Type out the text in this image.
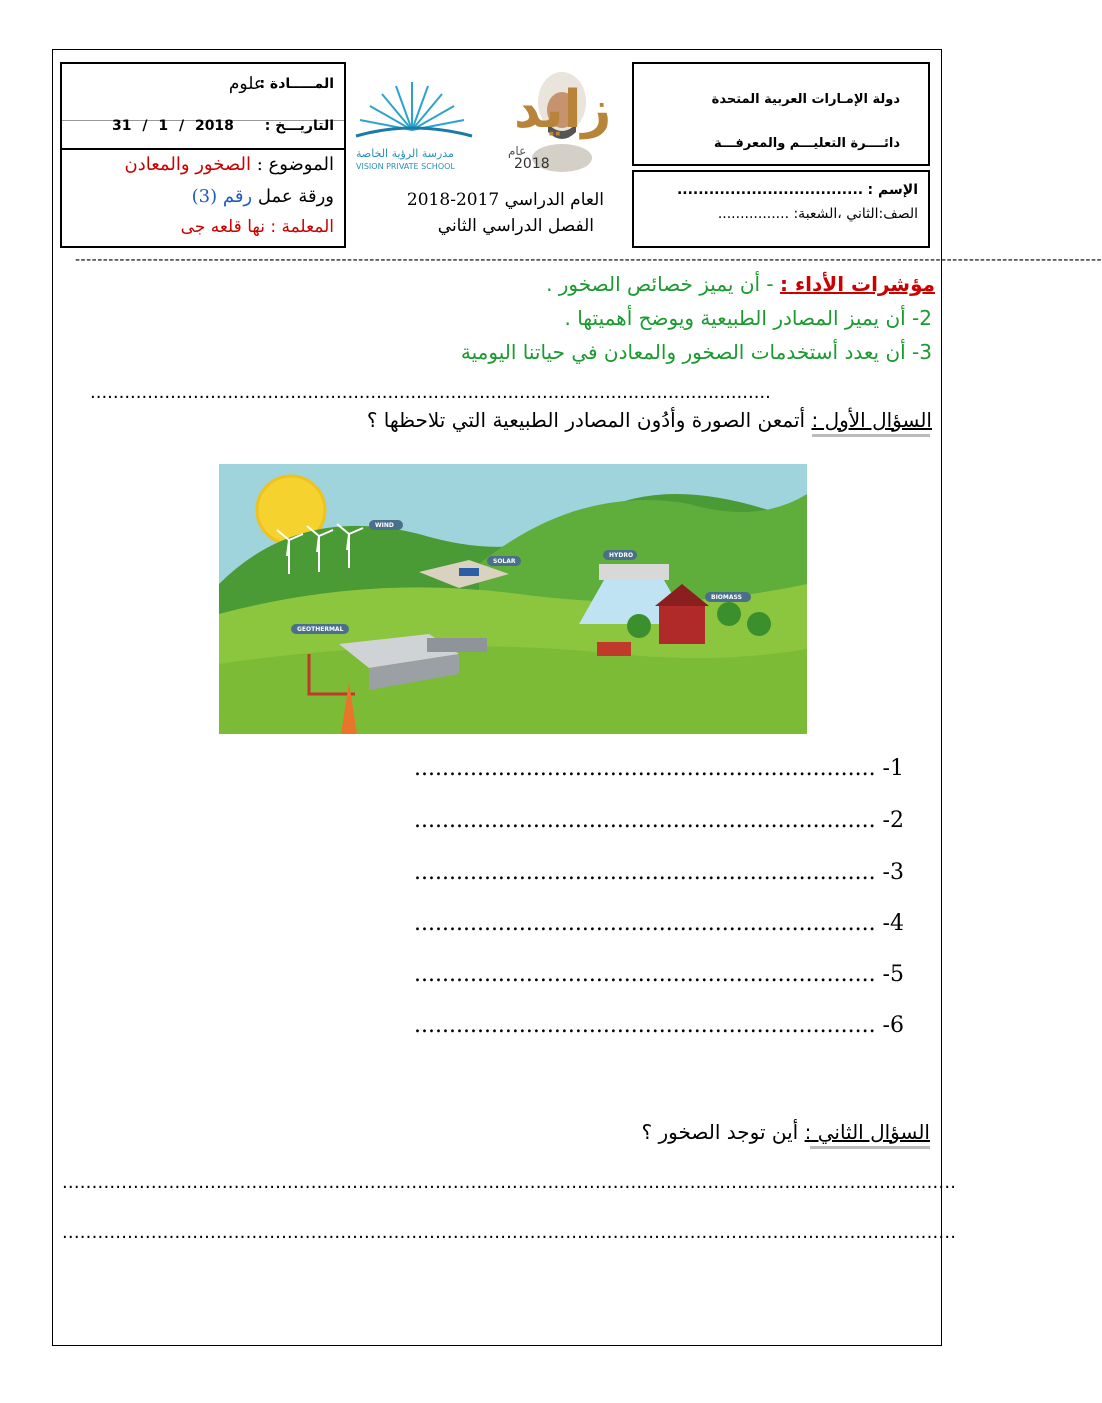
المـــــادة :
علوم
التاريـــخ :
31 / 1 / 2018
الموضوع : الصخور والمعادن
ورقة عمل رقم (3)
المعلمة : نها قلعه جى
مدرسة الرؤية الخاصة
VISION PRIVATE SCHOOL
زايد
عام
2018
العام الدراسي 2017-2018
الفصل الدراسي الثاني
دولة الإمـارات العربية المتحدة
دائــــرة التعليـــم والمعرفـــة
الإسم : ...................................
الصف:الثاني ،الشعبة: ................
-----------------------------------------------------------------------------------------------------------------------------------------------------------------------------------------
مؤشرات الأداء : - أن يميز خصائص الصخور .
2- أن يميز المصادر الطبيعية ويوضح أهميتها .
3- أن يعدد أستخدمات الصخور والمعادن في حياتنا اليومية
.......................................................................................................................
السؤال الأول : أتمعن الصورة وأدُون المصادر الطبيعية التي تلاحظها ؟
WIND
SOLAR
HYDRO
BIOMASS
GEOTHERMAL
1- ..................................................................
2- ..................................................................
3- ..................................................................
4- ..................................................................
5- ..................................................................
6- ..................................................................
السؤال الثاني : أين توجد الصخور ؟
.......................................................................................................................................................
.......................................................................................................................................................
